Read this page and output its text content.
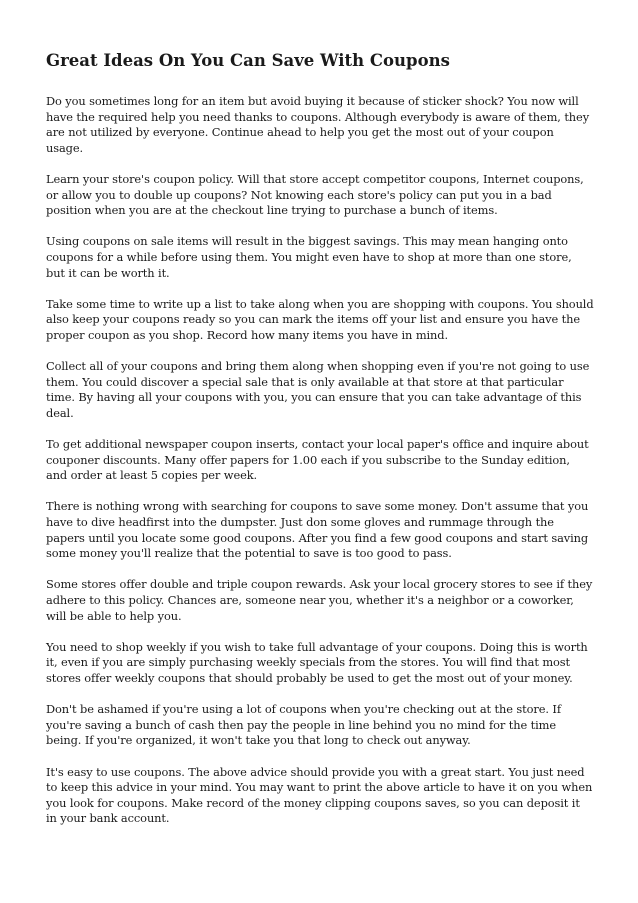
Great Ideas On You Can Save With Coupons

Do you sometimes long for an item but avoid buying it because of sticker shock? You now will have the required help you need thanks to coupons. Although everybody is aware of them, they are not utilized by everyone. Continue ahead to help you get the most out of your coupon usage.

Learn your store's coupon policy. Will that store accept competitor coupons, Internet coupons, or allow you to double up coupons? Not knowing each store's policy can put you in a bad position when you are at the checkout line trying to purchase a bunch of items.

Using coupons on sale items will result in the biggest savings. This may mean hanging onto coupons for a while before using them. You might even have to shop at more than one store, but it can be worth it.

Take some time to write up a list to take along when you are shopping with coupons. You should also keep your coupons ready so you can mark the items off your list and ensure you have the proper coupon as you shop. Record how many items you have in mind.

Collect all of your coupons and bring them along when shopping even if you're not going to use them. You could discover a special sale that is only available at that store at that particular time. By having all your coupons with you, you can ensure that you can take advantage of this deal.

To get additional newspaper coupon inserts, contact your local paper's office and inquire about couponer discounts. Many offer papers for 1.00 each if you subscribe to the Sunday edition, and order at least 5 copies per week.

There is nothing wrong with searching for coupons to save some money. Don't assume that you have to dive headfirst into the dumpster. Just don some gloves and rummage through the papers until you locate some good coupons. After you find a few good coupons and start saving some money you'll realize that the potential to save is too good to pass.

Some stores offer double and triple coupon rewards. Ask your local grocery stores to see if they adhere to this policy. Chances are, someone near you, whether it's a neighbor or a coworker, will be able to help you.

You need to shop weekly if you wish to take full advantage of your coupons. Doing this is worth it, even if you are simply purchasing weekly specials from the stores. You will find that most stores offer weekly coupons that should probably be used to get the most out of your money.

Don't be ashamed if you're using a lot of coupons when you're checking out at the store. If you're saving a bunch of cash then pay the people in line behind you no mind for the time being. If you're organized, it won't take you that long to check out anyway.

It's easy to use coupons. The above advice should provide you with a great start. You just need to keep this advice in your mind. You may want to print the above article to have it on you when you look for coupons. Make record of the money clipping coupons saves, so you can deposit it in your bank account.
